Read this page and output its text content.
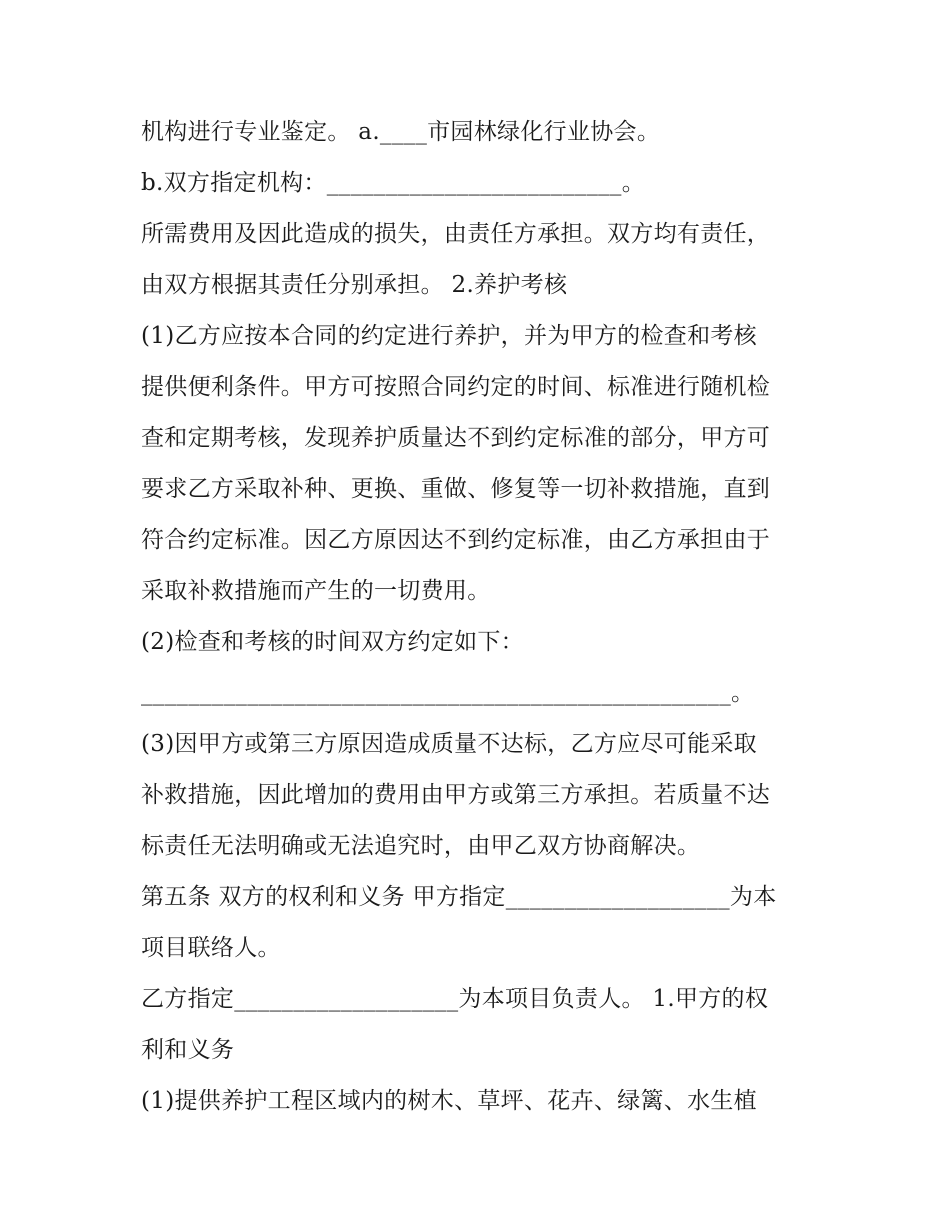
机构进行专业鉴定。 a.____市园林绿化行业协会。
b.双方指定机构：_________________________。
所需费用及因此造成的损失，由责任方承担。双方均有责任，
由双方根据其责任分别承担。 2.养护考核
(1)乙方应按本合同的约定进行养护，并为甲方的检查和考核
提供便利条件。甲方可按照合同约定的时间、标准进行随机检
查和定期考核，发现养护质量达不到约定标准的部分，甲方可
要求乙方采取补种、更换、重做、修复等一切补救措施，直到
符合约定标准。因乙方原因达不到约定标准，由乙方承担由于
采取补救措施而产生的一切费用。
(2)检查和考核的时间双方约定如下：
__________________________________________________。
(3)因甲方或第三方原因造成质量不达标，乙方应尽可能采取
补救措施，因此增加的费用由甲方或第三方承担。若质量不达
标责任无法明确或无法追究时，由甲乙双方协商解决。
第五条 双方的权利和义务 甲方指定___________________为本
项目联络人。
乙方指定___________________为本项目负责人。 1.甲方的权
利和义务
(1)提供养护工程区域内的树木、草坪、花卉、绿篱、水生植
